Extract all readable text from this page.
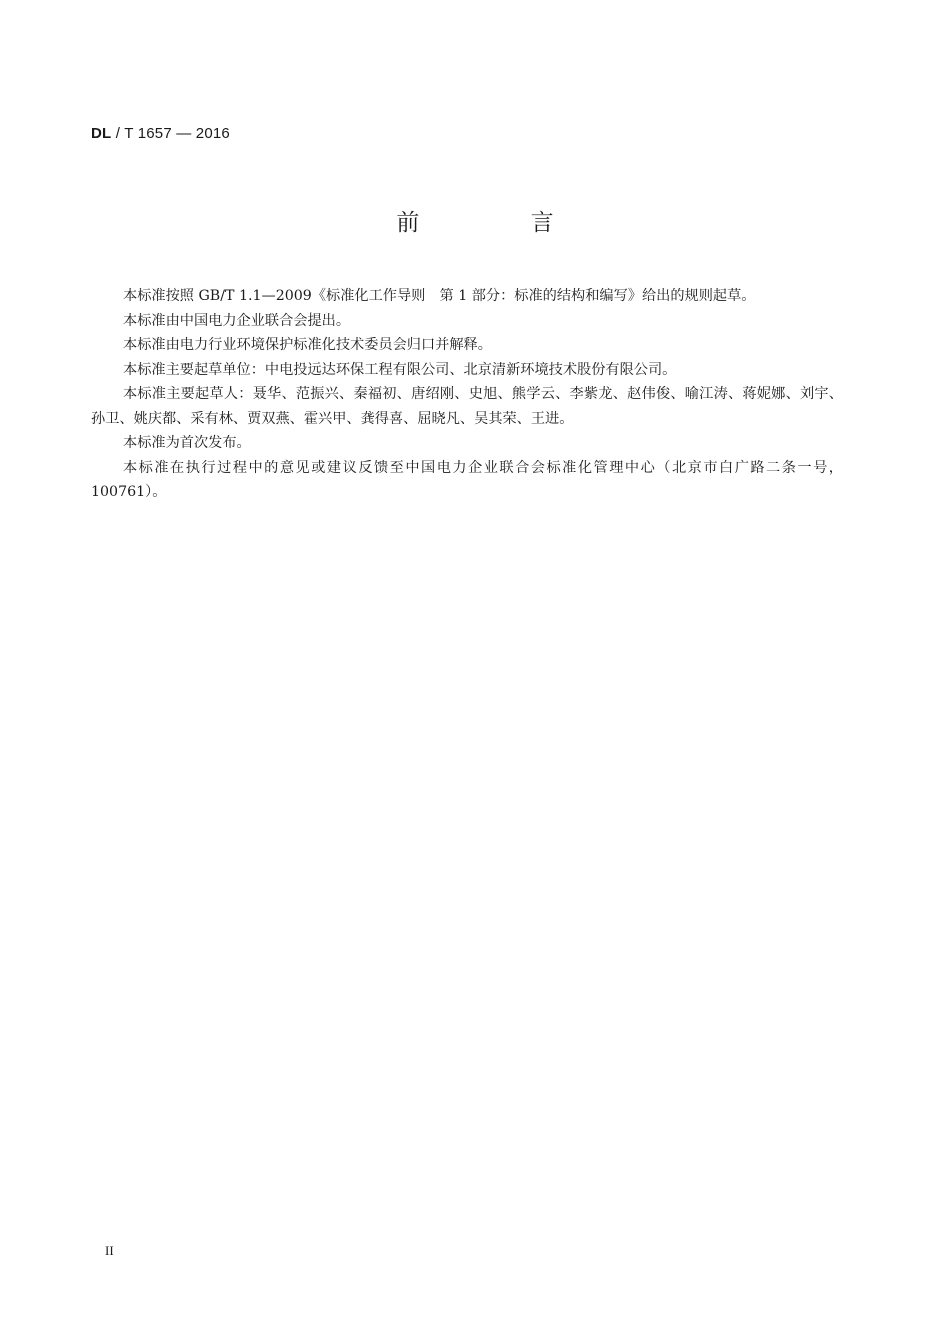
DL / T 1657 — 2016
前 言

本标准按照 GB/T 1.1—2009《标准化工作导则　第 1 部分：标准的结构和编写》给出的规则起草。

本标准由中国电力企业联合会提出。

本标准由电力行业环境保护标准化技术委员会归口并解释。

本标准主要起草单位：中电投远达环保工程有限公司、北京清新环境技术股份有限公司。

本标准主要起草人：聂华、范振兴、秦福初、唐绍刚、史旭、熊学云、李紫龙、赵伟俊、喻江涛、蒋妮娜、刘宇、孙卫、姚庆都、采有林、贾双燕、霍兴甲、龚得喜、屈晓凡、吴其荣、王进。

本标准为首次发布。

本标准在执行过程中的意见或建议反馈至中国电力企业联合会标准化管理中心（北京市白广路二条一号，100761）。

II
